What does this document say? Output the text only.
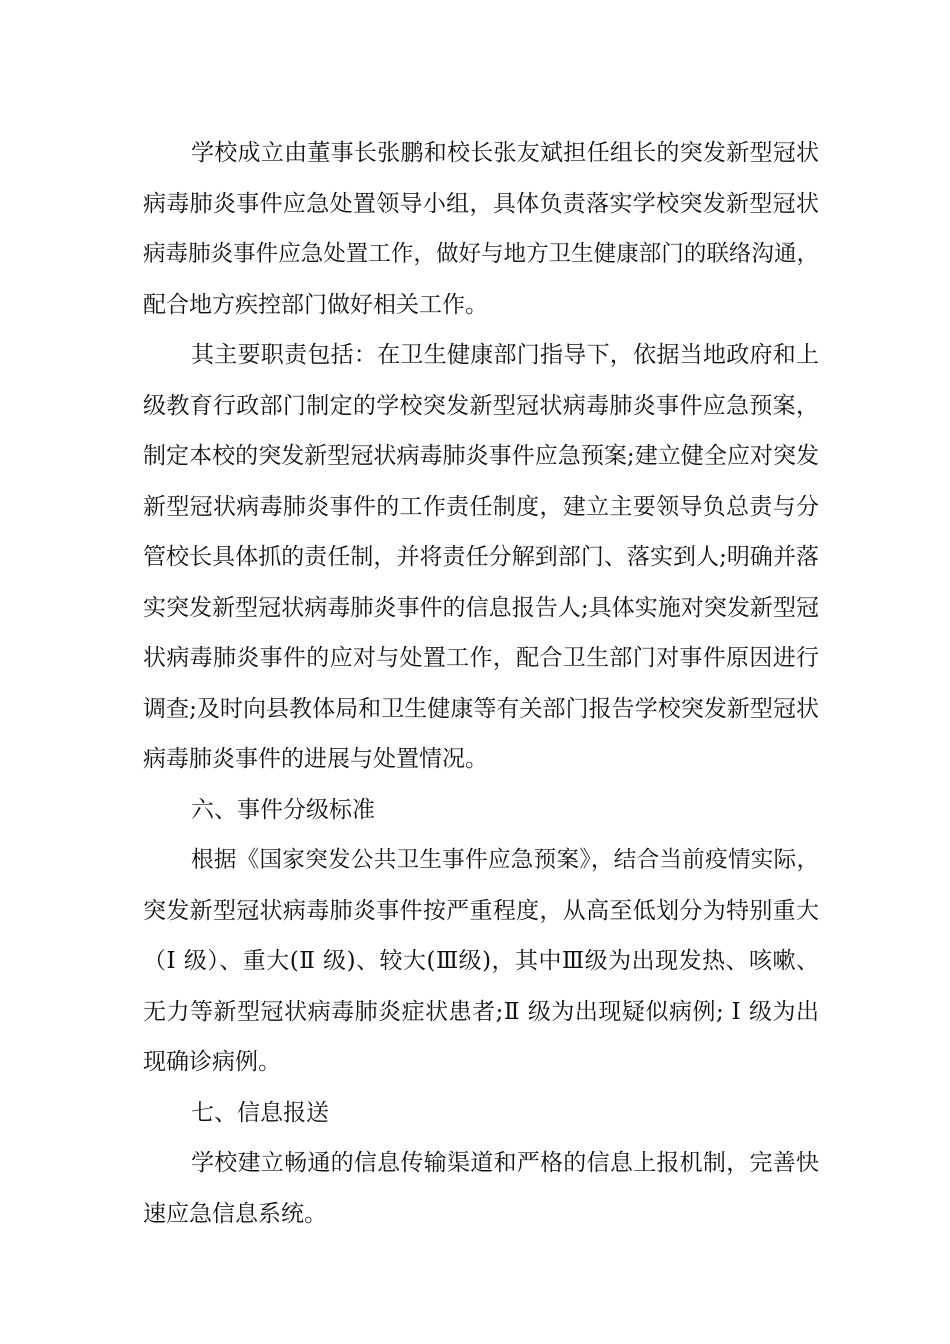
学校成立由董事长张鹏和校长张友斌担任组长的突发新型冠状
病毒肺炎事件应急处置领导小组，具体负责落实学校突发新型冠状
病毒肺炎事件应急处置工作，做好与地方卫生健康部门的联络沟通，
配合地方疾控部门做好相关工作。
其主要职责包括：在卫生健康部门指导下，依据当地政府和上
级教育行政部门制定的学校突发新型冠状病毒肺炎事件应急预案，
制定本校的突发新型冠状病毒肺炎事件应急预案;建立健全应对突发
新型冠状病毒肺炎事件的工作责任制度，建立主要领导负总责与分
管校长具体抓的责任制，并将责任分解到部门、落实到人;明确并落
实突发新型冠状病毒肺炎事件的信息报告人;具体实施对突发新型冠
状病毒肺炎事件的应对与处置工作，配合卫生部门对事件原因进行
调查;及时向县教体局和卫生健康等有关部门报告学校突发新型冠状
病毒肺炎事件的进展与处置情况。
六、事件分级标准
根据《国家突发公共卫生事件应急预案》，结合当前疫情实际，
突发新型冠状病毒肺炎事件按严重程度，从高至低划分为特别重大
（Ⅰ 级）、重大(Ⅱ 级)、较大(Ⅲ级)，其中Ⅲ级为出现发热、咳嗽、
无力等新型冠状病毒肺炎症状患者;Ⅱ 级为出现疑似病例; Ⅰ 级为出
现确诊病例。
七、信息报送
学校建立畅通的信息传输渠道和严格的信息上报机制，完善快
速应急信息系统。
